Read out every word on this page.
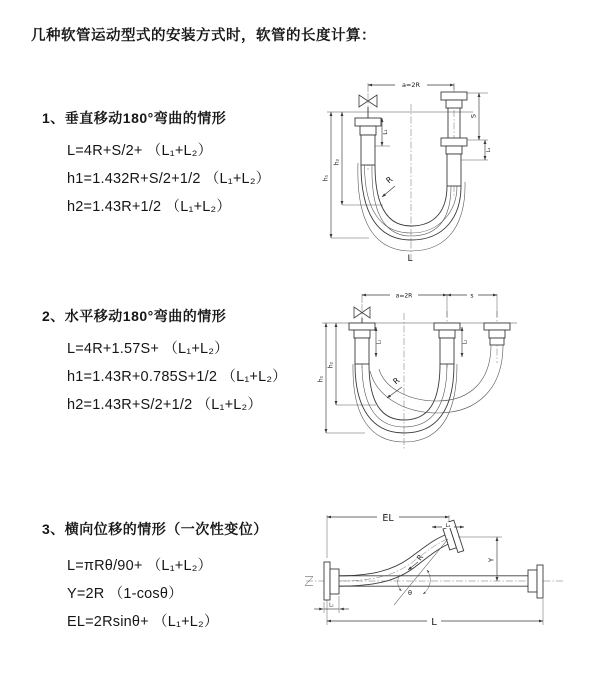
几种软管运动型式的安装方式时，软管的长度计算：
1、垂直移动180°弯曲的情形
L=4R+S/2+ （L₁+L₂）
h1=1.432R+S/2+1/2 （L₁+L₂）
h2=1.43R+1/2 （L₁+L₂）
2、水平移动180°弯曲的情形
L=4R+1.57S+ （L₁+L₂）
h1=1.43R+0.785S+1/2 （L₁+L₂）
h2=1.43R+S/2+1/2 （L₁+L₂）
3、横向位移的情形（一次性变位）
L=πRθ/90+ （L₁+L₂）
Y=2R （1-cosθ）
EL=2Rsinθ+ （L₁+L₂）
a=2R
h₁
h₂
L₁
S
L₂
R
L
a=2R	s
h₁
h₂
L₁	L₂
R
EL
L₂
Y
θ
R
L
L₁
